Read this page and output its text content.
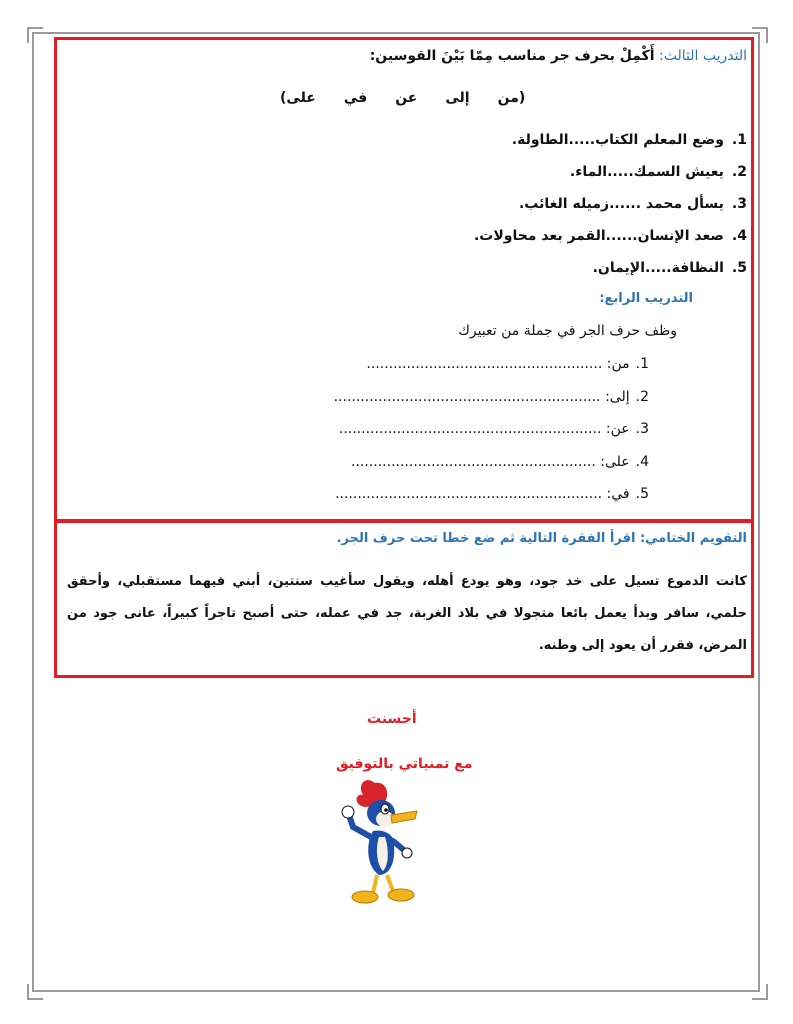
التدريب الثالث: أَكْمِلْ بحرف جر مناسب مِمّا بَيْنَ القوسين:
(من
إلى
عن
في
على)
1.وضع المعلم الكتاب.....الطاولة.
2.يعيش السمك.....الماء.
3.يسأل محمد ......زميله الغائب.
4.صعد الإنسان......القمر بعد محاولات.
5.النظافة.....الإيمان.
التدريب الرابع:
وظف حرف الجر في جملة من تعبيرك
1.من: .....................................................
2.إلى: ............................................................
3.عن: ...........................................................
4.على: .......................................................
5.في: ............................................................
التقويم الختامي: اقرأ الفقرة التالية ثم ضع خطا تحت حرف الجر.
كانت الدموع تسيل على خد جود، وهو يودع أهله، ويقول سأغيب سنتين، أبني فيهما مستقبلي، وأحقق حلمي، سافر وبدأ يعمل بائعا متجولا في بلاد الغربة، جد في عمله، حتى أصبح تاجراً كبيراً، عانى جود من المرض، فقرر أن يعود إلى وطنه.
أحسنت
مع تمنياتي بالتوفيق
